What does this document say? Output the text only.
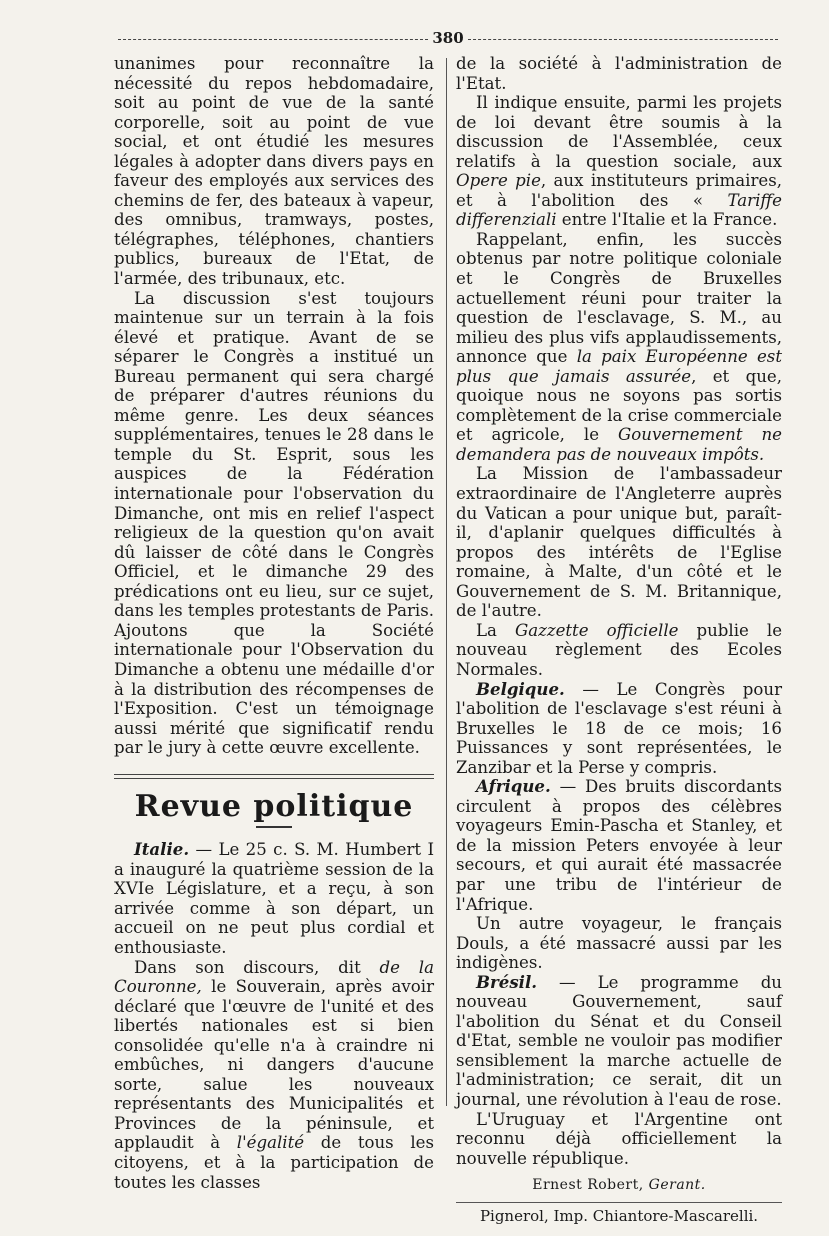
380

unanimes pour reconnaître la nécessité du repos hebdomadaire, soit au point de vue de la santé corporelle, soit au point de vue social, et ont étudié les mesures légales à adopter dans divers pays en faveur des employés aux services des chemins de fer, des bateaux à vapeur, des omnibus, tramways, postes, télégraphes, téléphones, chantiers publics, bureaux de l'Etat, de l'armée, des tribunaux, etc.

La discussion s'est toujours maintenue sur un terrain à la fois élevé et pratique. Avant de se séparer le Congrès a institué un Bureau permanent qui sera chargé de préparer d'autres réunions du même genre. Les deux séances supplémentaires, tenues le 28 dans le temple du St. Esprit, sous les auspices de la Fédération internationale pour l'observation du Dimanche, ont mis en relief l'aspect religieux de la question qu'on avait dû laisser de côté dans le Congrès Officiel, et le dimanche 29 des prédications ont eu lieu, sur ce sujet, dans les temples protestants de Paris. Ajoutons que la Société internationale pour l'Observation du Dimanche a obtenu une médaille d'or à la distribution des récompenses de l'Exposition. C'est un témoignage aussi mérité que significatif rendu par le jury à cette œuvre excellente.

Revue politique

Italie. — Le 25 c. S. M. Humbert I a inauguré la quatrième session de la XVIe Législature, et a reçu, à son arrivée comme à son départ, un accueil on ne peut plus cordial et enthousiaste.

Dans son discours, dit de la Couronne, le Souverain, après avoir déclaré que l'œuvre de l'unité et des libertés nationales est si bien consolidée qu'elle n'a à craindre ni embûches, ni dangers d'aucune sorte, salue les nouveaux représentants des Municipalités et Provinces de la péninsule, et applaudit à l'égalité de tous les citoyens, et à la participation de toutes les classes

de la société à l'administration de l'Etat.

Il indique ensuite, parmi les projets de loi devant être soumis à la discussion de l'Assemblée, ceux relatifs à la question sociale, aux Opere pie, aux instituteurs primaires, et à l'abolition des « Tariffe differenziali entre l'Italie et la France.

Rappelant, enfin, les succès obtenus par notre politique coloniale et le Congrès de Bruxelles actuellement réuni pour traiter la question de l'esclavage, S. M., au milieu des plus vifs applaudissements, annonce que la paix Européenne est plus que jamais assurée, et que, quoique nous ne soyons pas sortis complètement de la crise commerciale et agricole, le Gouvernement ne demandera pas de nouveaux impôts.

La Mission de l'ambassadeur extraordinaire de l'Angleterre auprès du Vatican a pour unique but, paraît-il, d'aplanir quelques difficultés à propos des intérêts de l'Eglise romaine, à Malte, d'un côté et le Gouvernement de S. M. Britannique, de l'autre.

La Gazzette officielle publie le nouveau règlement des Ecoles Normales.

Belgique. — Le Congrès pour l'abolition de l'esclavage s'est réuni à Bruxelles le 18 de ce mois; 16 Puissances y sont représentées, le Zanzibar et la Perse y compris.

Afrique. — Des bruits discordants circulent à propos des célèbres voyageurs Emin-Pascha et Stanley, et de la mission Peters envoyée à leur secours, et qui aurait été massacrée par une tribu de l'intérieur de l'Afrique.

Un autre voyageur, le français Douls, a été massacré aussi par les indigènes.

Brésil. — Le programme du nouveau Gouvernement, sauf l'abolition du Sénat et du Conseil d'Etat, semble ne vouloir pas modifier sensiblement la marche actuelle de l'administration; ce serait, dit un journal, une révolution à l'eau de rose.

L'Uruguay et l'Argentine ont reconnu déjà officiellement la nouvelle république.

Ernest Robert, Gerant.
Pignerol, Imp. Chiantore-Mascarelli.
